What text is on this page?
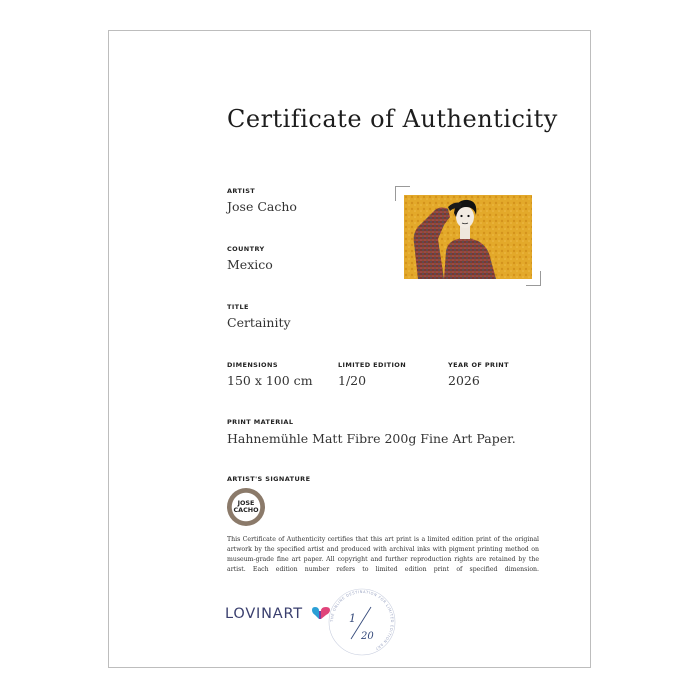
Certificate of Authenticity
ARTIST
Jose Cacho
COUNTRY
Mexico
TITLE
Certainity
DIMENSIONS
150 x 100 cm
LIMITED EDITION
1/20
YEAR OF PRINT
2026
PRINT MATERIAL
Hahnemühle Matt Fibre 200g Fine Art Paper.
ARTIST'S SIGNATURE
JOSE
CACHO

This Certificate of Authenticity certifies that this art print is a limited edition print of the original artwork by the specified artist and produced with archival inks with pigment printing method on museum-grade fine art paper. All copyright and further reproduction rights are retained by the artist. Each edition number refers to limited edition print of specified dimension.

LOVINART	THE ONLINE DESTINATION FOR LIMITED EDITION ART
1
20
